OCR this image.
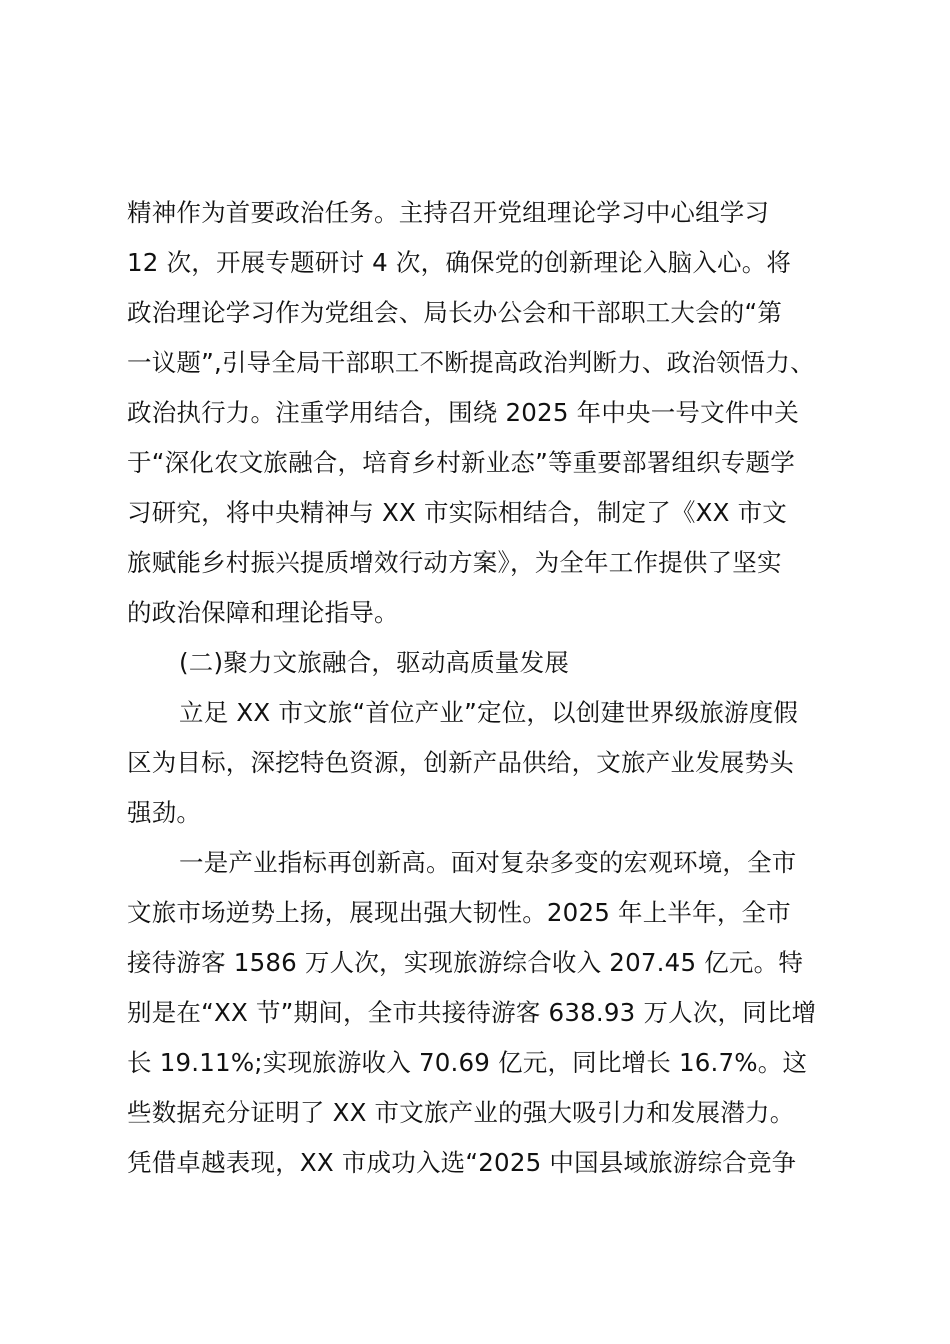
精神作为首要政治任务。主持召开党组理论学习中心组学习
12 次，开展专题研讨 4 次，确保党的创新理论入脑入心。将
政治理论学习作为党组会、局长办公会和干部职工大会的“第
一议题”,引导全局干部职工不断提高政治判断力、政治领悟力、
政治执行力。注重学用结合，围绕 2025 年中央一号文件中关
于“深化农文旅融合，培育乡村新业态”等重要部署组织专题学
习研究，将中央精神与 XX 市实际相结合，制定了《XX 市文
旅赋能乡村振兴提质增效行动方案》，为全年工作提供了坚实
的政治保障和理论指导。
(二)聚力文旅融合，驱动高质量发展
立足 XX 市文旅“首位产业”定位，以创建世界级旅游度假
区为目标，深挖特色资源，创新产品供给，文旅产业发展势头
强劲。
一是产业指标再创新高。面对复杂多变的宏观环境，全市
文旅市场逆势上扬，展现出强大韧性。2025 年上半年，全市
接待游客 1586 万人次，实现旅游综合收入 207.45 亿元。特
别是在“XX 节”期间，全市共接待游客 638.93 万人次，同比增
长 19.11%;实现旅游收入 70.69 亿元，同比增长 16.7%。这
些数据充分证明了 XX 市文旅产业的强大吸引力和发展潜力。
凭借卓越表现，XX 市成功入选“2025 中国县域旅游综合竞争
